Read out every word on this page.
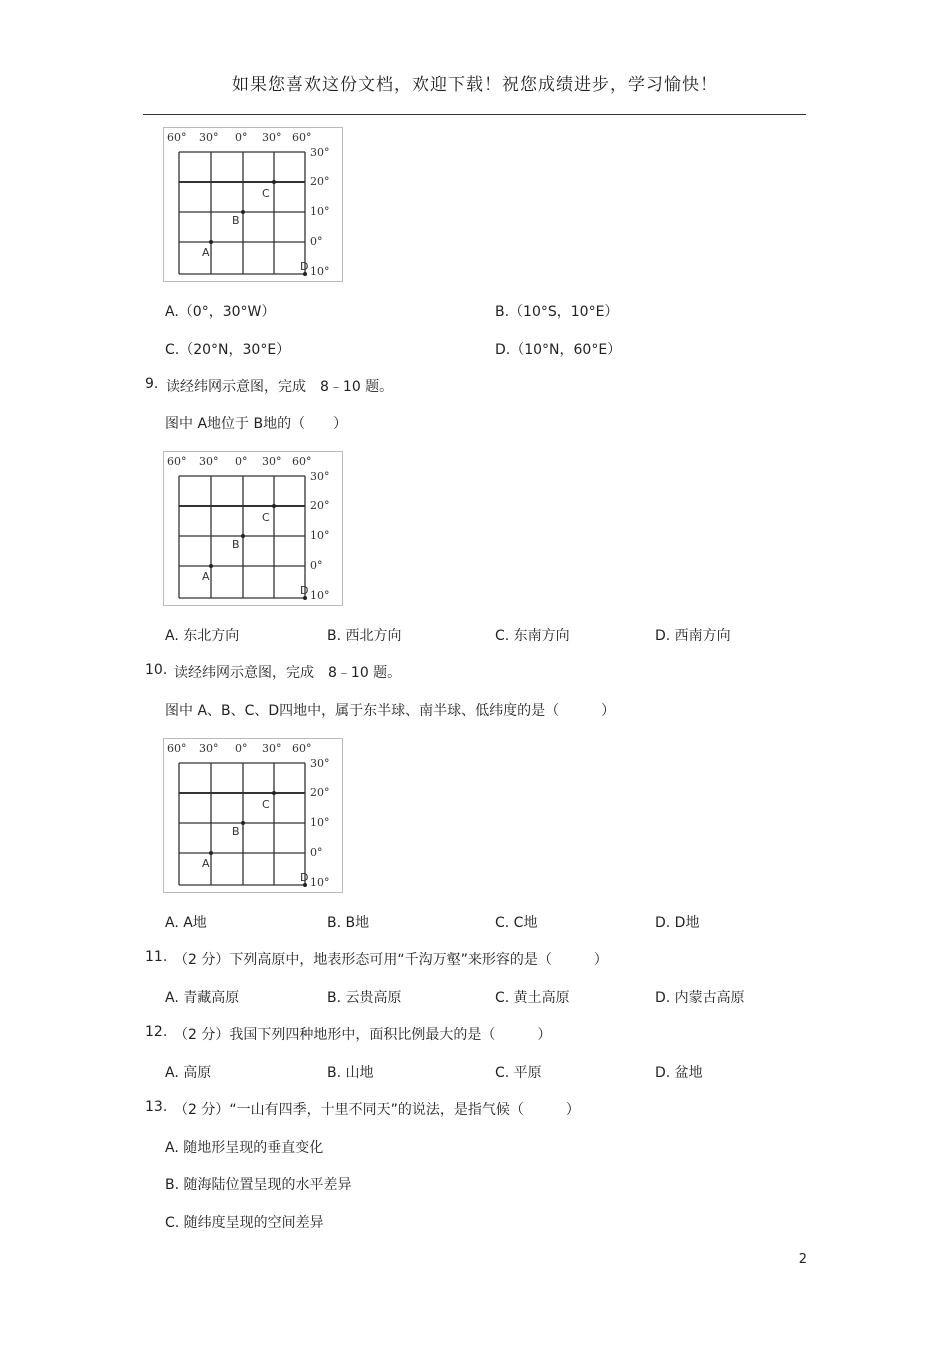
如果您喜欢这份文档，欢迎下载！祝您成绩进步，学习愉快！
60° 30° 0° 30° 60°
30°
20°
10°
0°
10°
A
B
C
D
A.（0°，30°W）	B.（10°S，10°E）
C.（20°N，30°E）	D.（10°N，60°E）
9. 读经纬网示意图，完成　8﹣10 题。
图中 A地位于 B地的（　　）
60° 30° 0° 30° 60°
30°
20°
10°
0°
10°
A
B
C
D
A. 东北方向	B. 西北方向	C. 东南方向	D. 西南方向
10. 读经纬网示意图，完成　8﹣10 题。
图中 A、B、C、D四地中，属于东半球、南半球、低纬度的是（　　　）
60° 30° 0° 30° 60°
30°
20°
10°
0°
10°
A
B
C
D
A. A地	B. B地	C. C地	D. D地
11. （2 分）下列高原中，地表形态可用“千沟万壑”来形容的是（　　　）
A. 青藏高原	B. 云贵高原	C. 黄土高原	D. 内蒙古高原
12. （2 分）我国下列四种地形中，面积比例最大的是（　　　）
A. 高原	B. 山地	C. 平原	D. 盆地
13. （2 分）“一山有四季，十里不同天”的说法，是指气候（　　　）
A. 随地形呈现的垂直变化
B. 随海陆位置呈现的水平差异
C. 随纬度呈现的空间差异
2
